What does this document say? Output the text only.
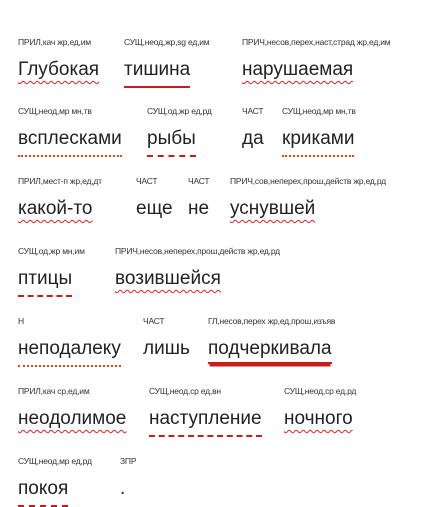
ПРИЛ,кач жр,ед,им
Глубокая
СУЩ,неод,жр,sg ед,им
тишина
ПРИЧ,несов,перех,наст,страд жр,ед,им
нарушаемая
СУЩ,неод,мр мн,тв
всплесками
СУЩ,од,жр ед,рд
рыбы
ЧАСТ
да
СУЩ,неод,мр мн,тв
криками
ПРИЛ,мест-п жр,ед,дт
какой-то
ЧАСТ
еще
ЧАСТ
не
ПРИЧ,сов,неперех,прош,действ жр,ед,рд
уснувшей
СУЩ,од,жр мн,им
птицы
ПРИЧ,несов,неперех,прош,действ жр,ед,рд
возившейся
Н
неподалеку
ЧАСТ
лишь
ГЛ,несов,перех жр,ед,прош,изъяв
подчеркивала
ПРИЛ,кач ср,ед,им
неодолимое
СУЩ,неод,ср ед,вн
наступление
СУЩ,неод,ср ед,рд
ночного
СУЩ,неод,мр ед,рд
покоя
ЗПР
.
